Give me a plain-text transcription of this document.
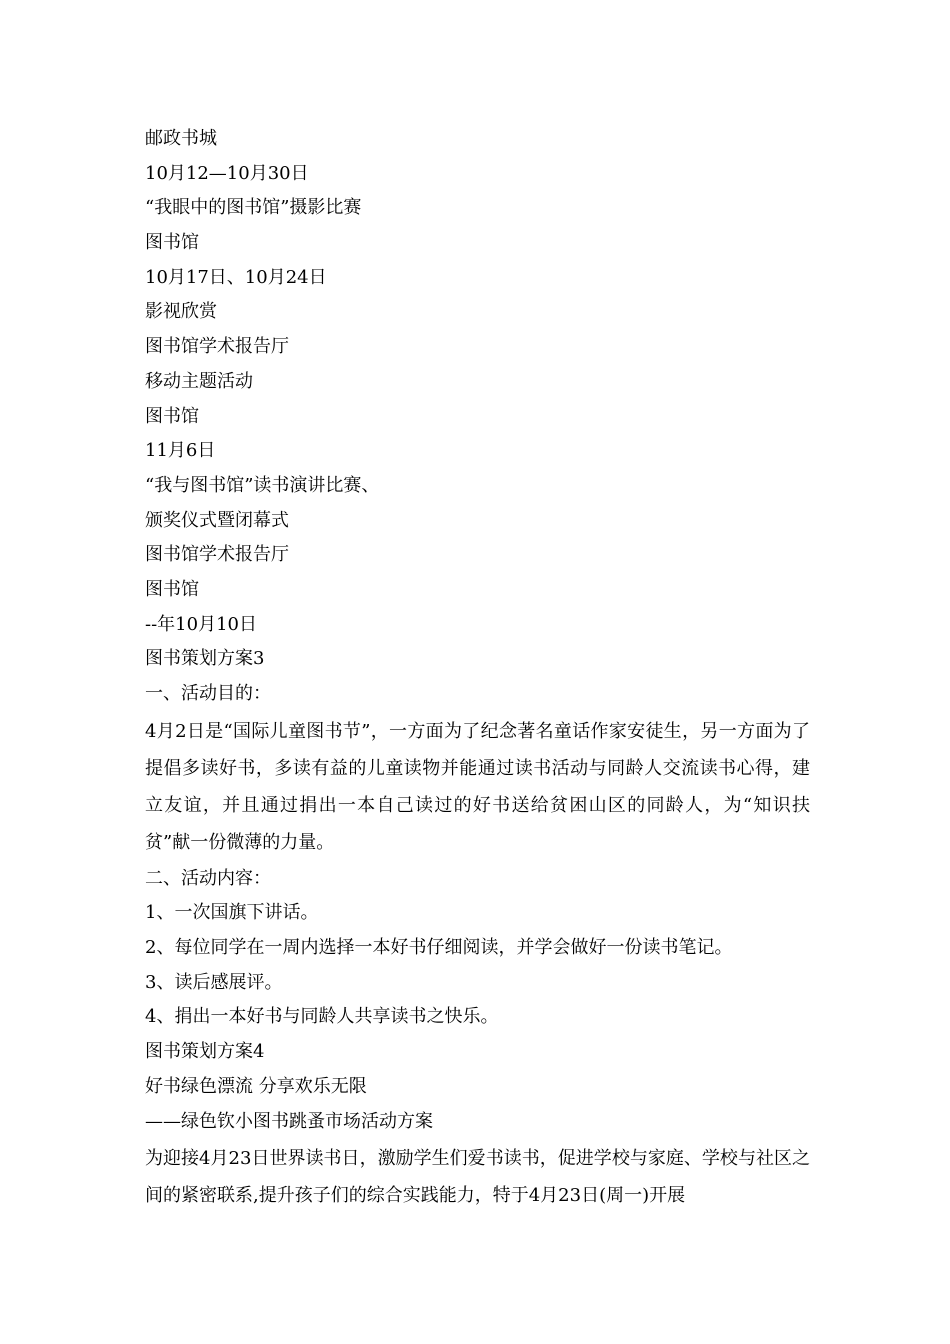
邮政书城
10月12—10月30日
“我眼中的图书馆”摄影比赛
图书馆
10月17日、10月24日
影视欣赏
图书馆学术报告厅
移动主题活动
图书馆
11月6日
“我与图书馆”读书演讲比赛、
颁奖仪式暨闭幕式
图书馆学术报告厅
图书馆
--年10月10日
图书策划方案3
一、活动目的：

4月2日是“国际儿童图书节”，一方面为了纪念著名童话作家安徒生，另一方面为了提倡多读好书，多读有益的儿童读物并能通过读书活动与同龄人交流读书心得，建立友谊，并且通过捐出一本自己读过的好书送给贫困山区的同龄人，为“知识扶贫”献一份微薄的力量。

二、活动内容：
1、一次国旗下讲话。
2、每位同学在一周内选择一本好书仔细阅读，并学会做好一份读书笔记。
3、读后感展评。
4、捐出一本好书与同龄人共享读书之快乐。
图书策划方案4
好书绿色漂流 分享欢乐无限
——绿色钦小图书跳蚤市场活动方案

为迎接4月23日世界读书日，激励学生们爱书读书，促进学校与家庭、学校与社区之间的紧密联系,提升孩子们的综合实践能力，特于4月23日(周一)开展
